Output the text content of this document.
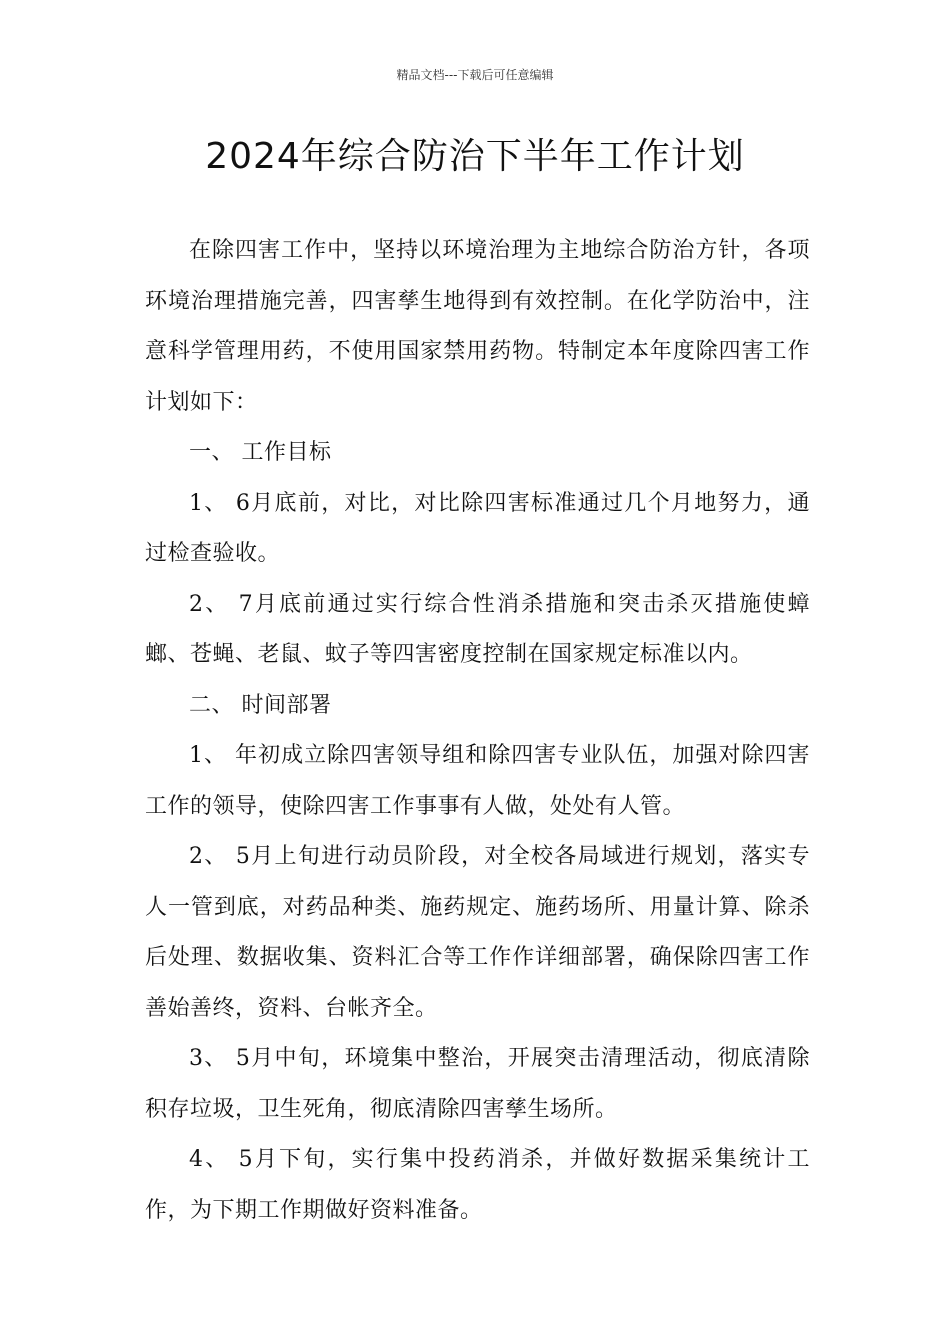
精品文档---下载后可任意编辑
2024年综合防治下半年工作计划

在除四害工作中，坚持以环境治理为主地综合防治方针，各项环境治理措施完善，四害孳生地得到有效控制。在化学防治中，注意科学管理用药，不使用国家禁用药物。特制定本年度除四害工作计划如下：

一、 工作目标

1、 6月底前，对比，对比除四害标准通过几个月地努力，通过检查验收。

2、 7月底前通过实行综合性消杀措施和突击杀灭措施使蟑螂、苍蝇、老鼠、蚊子等四害密度控制在国家规定标准以内。

二、 时间部署

1、 年初成立除四害领导组和除四害专业队伍，加强对除四害工作的领导，使除四害工作事事有人做，处处有人管。

2、 5月上旬进行动员阶段，对全校各局域进行规划，落实专人一管到底，对药品种类、施药规定、施药场所、用量计算、除杀后处理、数据收集、资料汇合等工作作详细部署，确保除四害工作善始善终，资料、台帐齐全。

3、 5月中旬，环境集中整治，开展突击清理活动，彻底清除积存垃圾，卫生死角，彻底清除四害孳生场所。

4、 5月下旬，实行集中投药消杀，并做好数据采集统计工作，为下期工作期做好资料准备。
